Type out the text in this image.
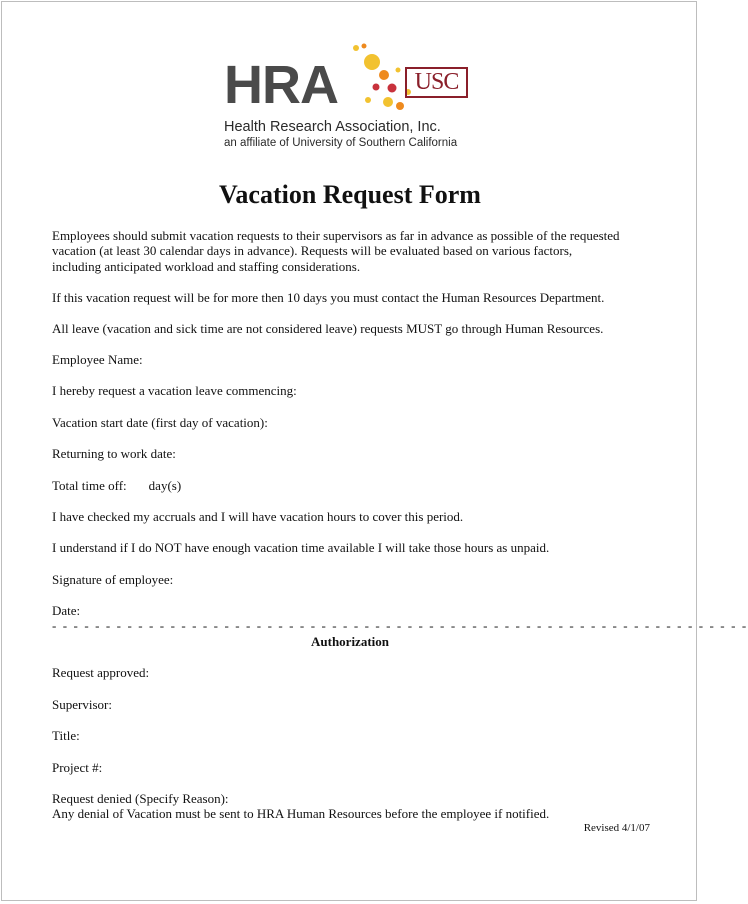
HRA	USC
Health Research Association, Inc.
an affiliate of University of Southern California
Vacation Request Form

Employees should submit vacation requests to their supervisors as far in advance as possible of the requested

vacation (at least 30 calendar days in advance). Requests will be evaluated based on various factors,

including anticipated workload and staffing considerations.

If this vacation request will be for more then 10 days you must contact the Human Resources Department.

All leave (vacation and sick time are not considered leave) requests MUST go through Human Resources.

Employee Name:

I hereby request a vacation leave commencing:

Vacation start date (first day of vacation):

Returning to work date:

Total time off: day(s)

I have checked my accruals and I will have vacation hours to cover this period.

I understand if I do NOT have enough vacation time available I will take those hours as unpaid.

Signature of employee:

Date:

- - - - - - - - - - - - - - - - - - - - - - - - - - - - - - - - - - - - - - - - - - - - - - - - - - - - - - - - - - - - - - - - -
Authorization

Request approved:

Supervisor:

Title:

Project #:

Request denied (Specify Reason):

Any denial of Vacation must be sent to HRA Human Resources before the employee if notified.

Revised 4/1/07
